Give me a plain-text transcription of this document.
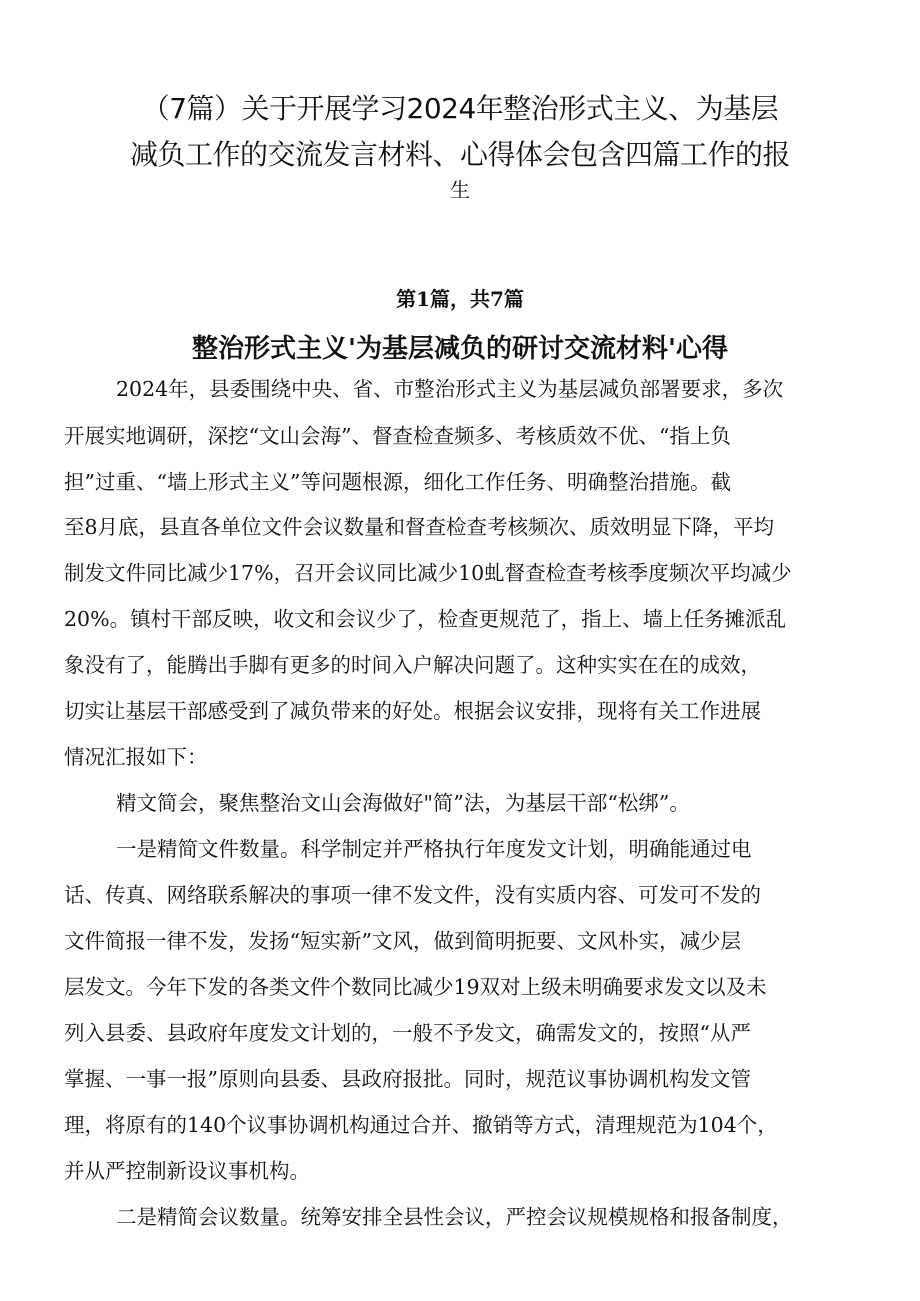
（7篇）关于开展学习2024年整治形式主义、为基层
减负工作的交流发言材料、心得体会包含四篇工作的报
生
第1篇，共7篇
整治形式主义'为基层减负的研讨交流材料'心得
2024年，县委围绕中央、省、市整治形式主义为基层减负部署要求，多次
开展实地调研，深挖“文山会海”、督查检查频多、考核质效不优、“指上负
担”过重、“墙上形式主义”等问题根源，细化工作任务、明确整治措施。截
至8月底，县直各单位文件会议数量和督查检查考核频次、质效明显下降，平均
制发文件同比减少17%，召开会议同比减少10虬督查检查考核季度频次平均减少
20%。镇村干部反映，收文和会议少了，检查更规范了，指上、墙上任务摊派乱
象没有了，能腾出手脚有更多的时间入户解决问题了。这种实实在在的成效，
切实让基层干部感受到了减负带来的好处。根据会议安排，现将有关工作进展
情况汇报如下：
精文简会，聚焦整治文山会海做好"简”法，为基层干部“松绑”。
一是精简文件数量。科学制定并严格执行年度发文计划，明确能通过电
话、传真、网络联系解决的事项一律不发文件，没有实质内容、可发可不发的
文件简报一律不发，发扬“短实新”文风，做到简明扼要、文风朴实，减少层
层发文。今年下发的各类文件个数同比减少19双对上级未明确要求发文以及未
列入县委、县政府年度发文计划的，一般不予发文，确需发文的，按照“从严
掌握、一事一报”原则向县委、县政府报批。同时，规范议事协调机构发文管
理，将原有的140个议事协调机构通过合并、撤销等方式，清理规范为104个，
并从严控制新设议事机构。
二是精简会议数量。统筹安排全县性会议，严控会议规模规格和报备制度，
